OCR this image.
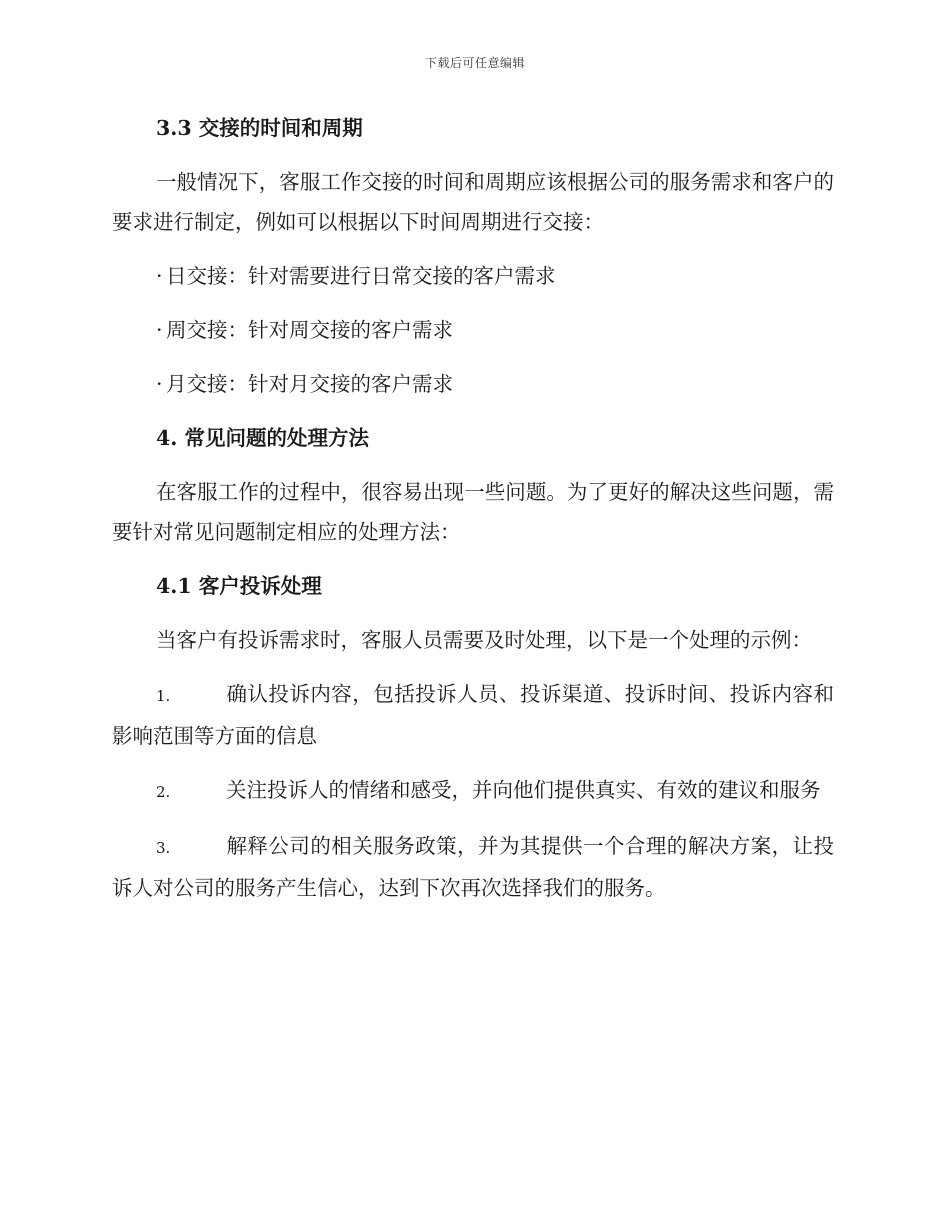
下载后可任意编辑
3.3 交接的时间和周期
一般情况下，客服工作交接的时间和周期应该根据公司的服务需求和客户的要求进行制定，例如可以根据以下时间周期进行交接：
· 日交接：针对需要进行日常交接的客户需求
· 周交接：针对周交接的客户需求
· 月交接：针对月交接的客户需求
4. 常见问题的处理方法
在客服工作的过程中，很容易出现一些问题。为了更好的解决这些问题，需要针对常见问题制定相应的处理方法：
4.1 客户投诉处理
当客户有投诉需求时，客服人员需要及时处理，以下是一个处理的示例：
1.	确认投诉内容，包括投诉人员、投诉渠道、投诉时间、投诉内容和影响范围等方面的信息
2.	关注投诉人的情绪和感受，并向他们提供真实、有效的建议和服务
3.	解释公司的相关服务政策，并为其提供一个合理的解决方案，让投诉人对公司的服务产生信心，达到下次再次选择我们的服务。
